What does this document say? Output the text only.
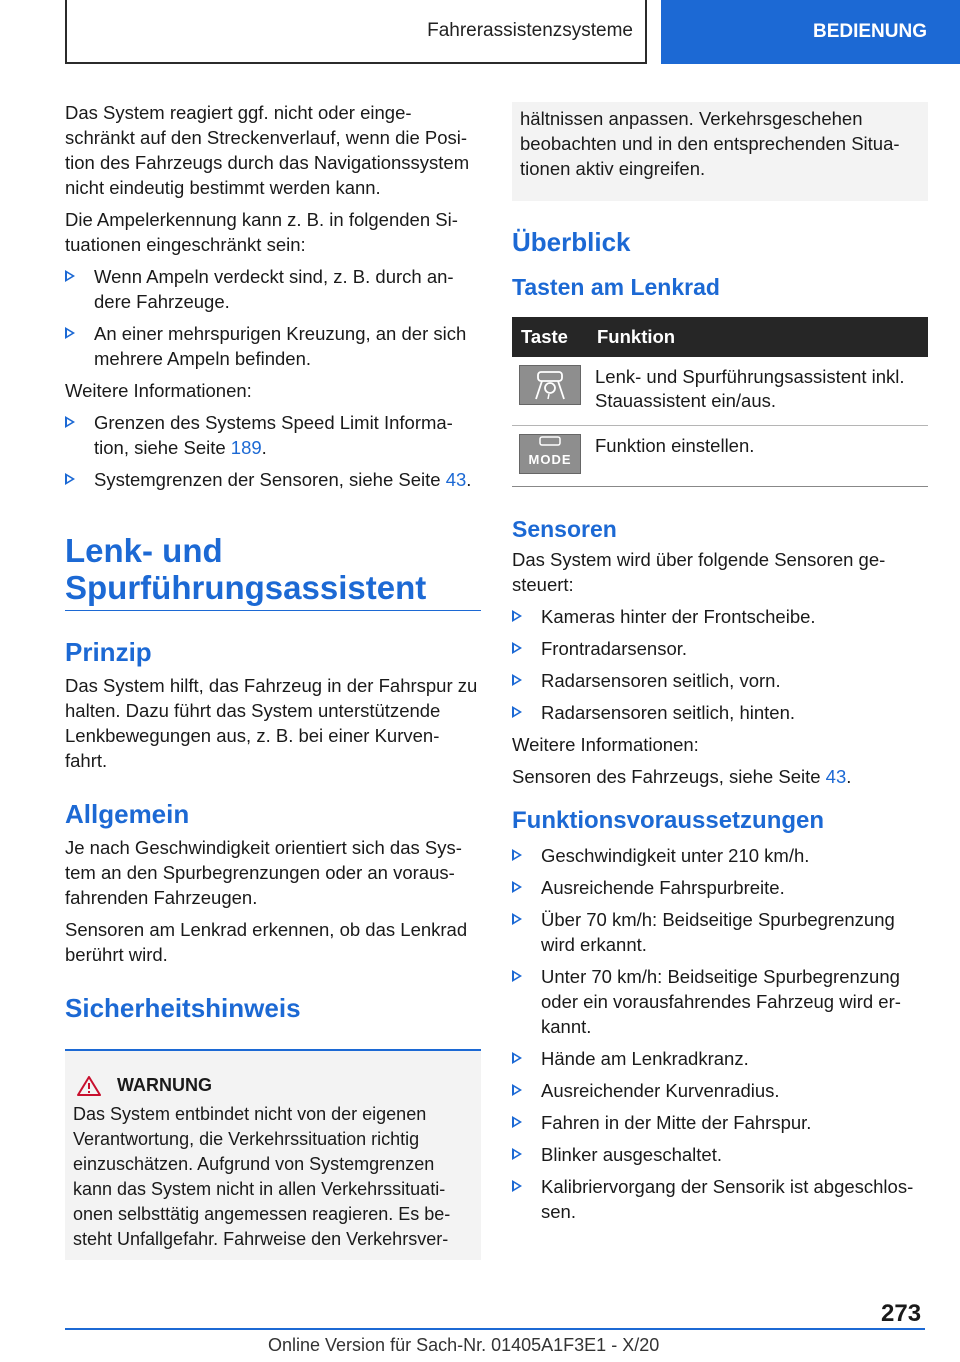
Fahrerassistenzsysteme	BEDIENUNG

Das System reagiert ggf. nicht oder einge-schränkt auf den Streckenverlauf, wenn die Posi-tion des Fahrzeugs durch das Navigationssystem nicht eindeutig bestimmt werden kann.

Die Ampelerkennung kann z. B. in folgenden Si-tuationen eingeschränkt sein:

Wenn Ampeln verdeckt sind, z. B. durch an-dere Fahrzeuge.
An einer mehrspurigen Kreuzung, an der sich mehrere Ampeln befinden.

Weitere Informationen:

Grenzen des Systems Speed Limit Informa-tion, siehe Seite 189.
Systemgrenzen der Sensoren, siehe Seite 43.
Lenk- und
Spurführungsassistent
Prinzip

Das System hilft, das Fahrzeug in der Fahrspur zu halten. Dazu führt das System unterstützende Lenkbewegungen aus, z. B. bei einer Kurven-fahrt.

Allgemein

Je nach Geschwindigkeit orientiert sich das Sys-tem an den Spurbegrenzungen oder an voraus-fahrenden Fahrzeugen.

Sensoren am Lenkrad erkennen, ob das Lenkrad berührt wird.

Sicherheitshinweis
WARNUNG
Das System entbindet nicht von der eigenen Verantwortung, die Verkehrssituation richtig einzuschätzen. Aufgrund von Systemgrenzen kann das System nicht in allen Verkehrssituati-onen selbsttätig angemessen reagieren. Es be-steht Unfallgefahr. Fahrweise den Verkehrsver-
hältnissen anpassen. Verkehrsgeschehen beobachten und in den entsprechenden Situa-tionen aktiv eingreifen.
Überblick
Tasten am Lenkrad
Taste	Funktion

	Lenk- und Spurführungsassistent inkl. Stauassistent ein/aus.

MODE	Funktion einstellen.
Sensoren

Das System wird über folgende Sensoren ge-steuert:

Kameras hinter der Frontscheibe.
Frontradarsensor.
Radarsensoren seitlich, vorn.
Radarsensoren seitlich, hinten.

Weitere Informationen:

Sensoren des Fahrzeugs, siehe Seite 43.

Funktionsvoraussetzungen
Geschwindigkeit unter 210 km/h.
Ausreichende Fahrspurbreite.
Über 70 km/h: Beidseitige Spurbegrenzung wird erkannt.
Unter 70 km/h: Beidseitige Spurbegrenzung oder ein vorausfahrendes Fahrzeug wird er-kannt.
Hände am Lenkradkranz.
Ausreichender Kurvenradius.
Fahren in der Mitte der Fahrspur.
Blinker ausgeschaltet.
Kalibriervorgang der Sensorik ist abgeschlos-sen.
273
Online Version für Sach-Nr. 01405A1F3E1 - X/20
